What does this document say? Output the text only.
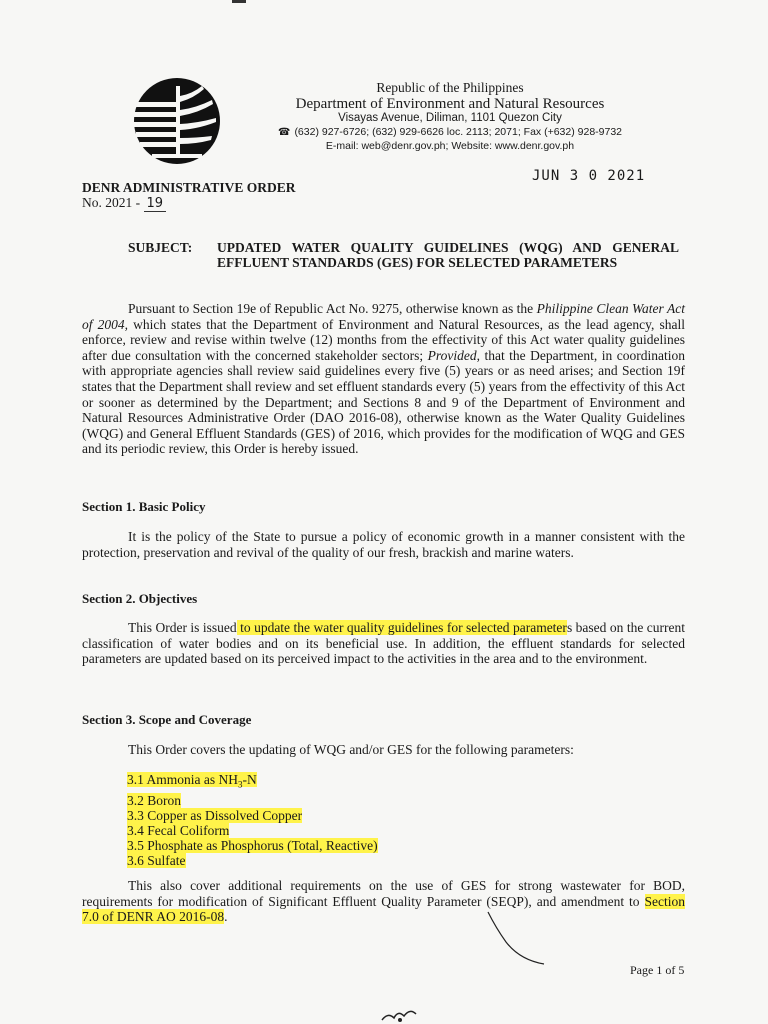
Republic of the Philippines
Department of Environment and Natural Resources
Visayas Avenue, Diliman, 1101 Quezon City
☎ (632) 927-6726; (632) 929-6626 loc. 2113; 2071; Fax (+632) 928-9732
E-mail: web@denr.gov.ph; Website: www.denr.gov.ph
JUN 3 0 2021
DENR ADMINISTRATIVE ORDER
No. 2021 - 19
SUBJECT: UPDATED WATER QUALITY GUIDELINES (WQG) AND GENERAL EFFLUENT STANDARDS (GES) FOR SELECTED PARAMETERS
Pursuant to Section 19e of Republic Act No. 9275, otherwise known as the Philippine Clean Water Act of 2004, which states that the Department of Environment and Natural Resources, as the lead agency, shall enforce, review and revise within twelve (12) months from the effectivity of this Act water quality guidelines after due consultation with the concerned stakeholder sectors; Provided, that the Department, in coordination with appropriate agencies shall review said guidelines every five (5) years or as need arises; and Section 19f states that the Department shall review and set effluent standards every (5) years from the effectivity of this Act or sooner as determined by the Department; and Sections 8 and 9 of the Department of Environment and Natural Resources Administrative Order (DAO 2016-08), otherwise known as the Water Quality Guidelines (WQG) and General Effluent Standards (GES) of 2016, which provides for the modification of WQG and GES and its periodic review, this Order is hereby issued.
Section 1. Basic Policy
It is the policy of the State to pursue a policy of economic growth in a manner consistent with the protection, preservation and revival of the quality of our fresh, brackish and marine waters.
Section 2. Objectives
This Order is issued to update the water quality guidelines for selected parameters based on the current classification of water bodies and on its beneficial use. In addition, the effluent standards for selected parameters are updated based on its perceived impact to the activities in the area and to the environment.
Section 3. Scope and Coverage
This Order covers the updating of WQG and/or GES for the following parameters:
3.1 Ammonia as $NH_3-N$
3.2 Boron
3.3 Copper as Dissolved Copper
3.4 Fecal Coliform
3.5 Phosphate as Phosphorus (Total, Reactive)
3.6 Sulfate
This also cover additional requirements on the use of GES for strong wastewater for BOD, requirements for modification of Significant Effluent Quality Parameter (SEQP), and amendment to Section 7.0 of DENR AO 2016-08.
Page 1 of 5
